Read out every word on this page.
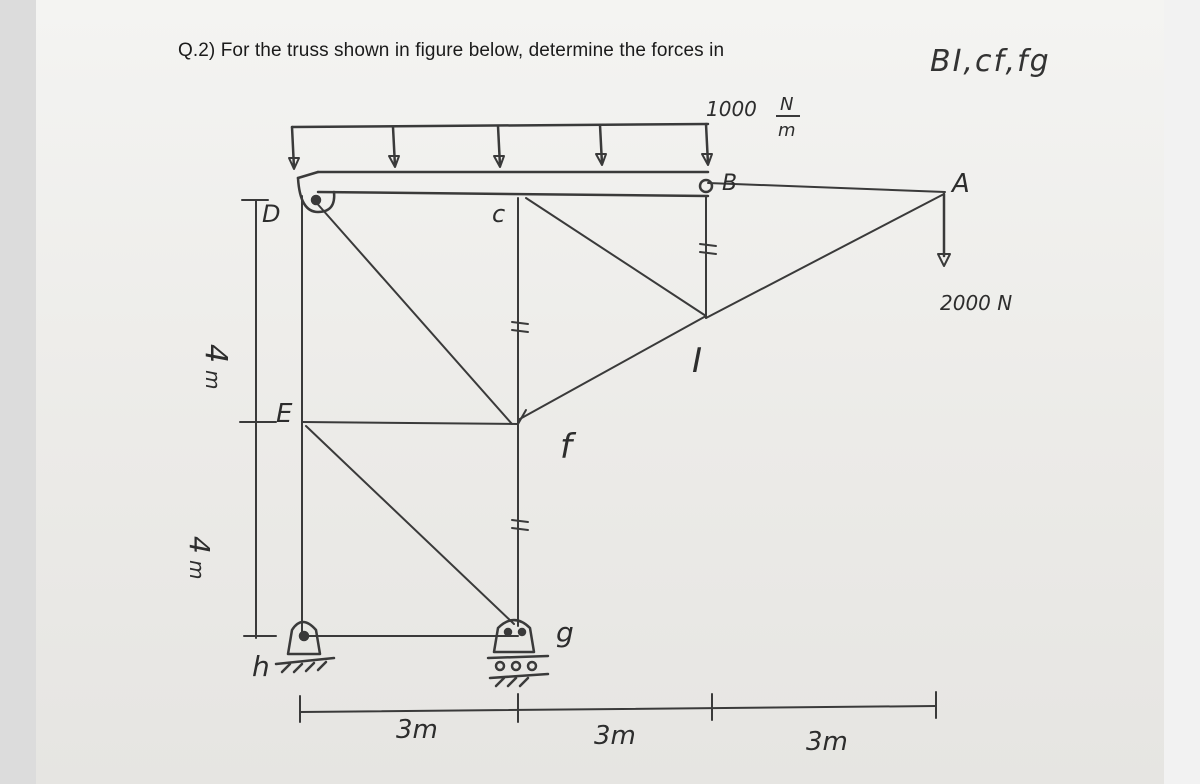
Q.2) For the truss shown in figure below, determine the forces in	BI,cf,fg
D	c
B	A
E
I
f
g
h
1000 N
m
2000 N
4
m
4
m
3m	3m	3m
